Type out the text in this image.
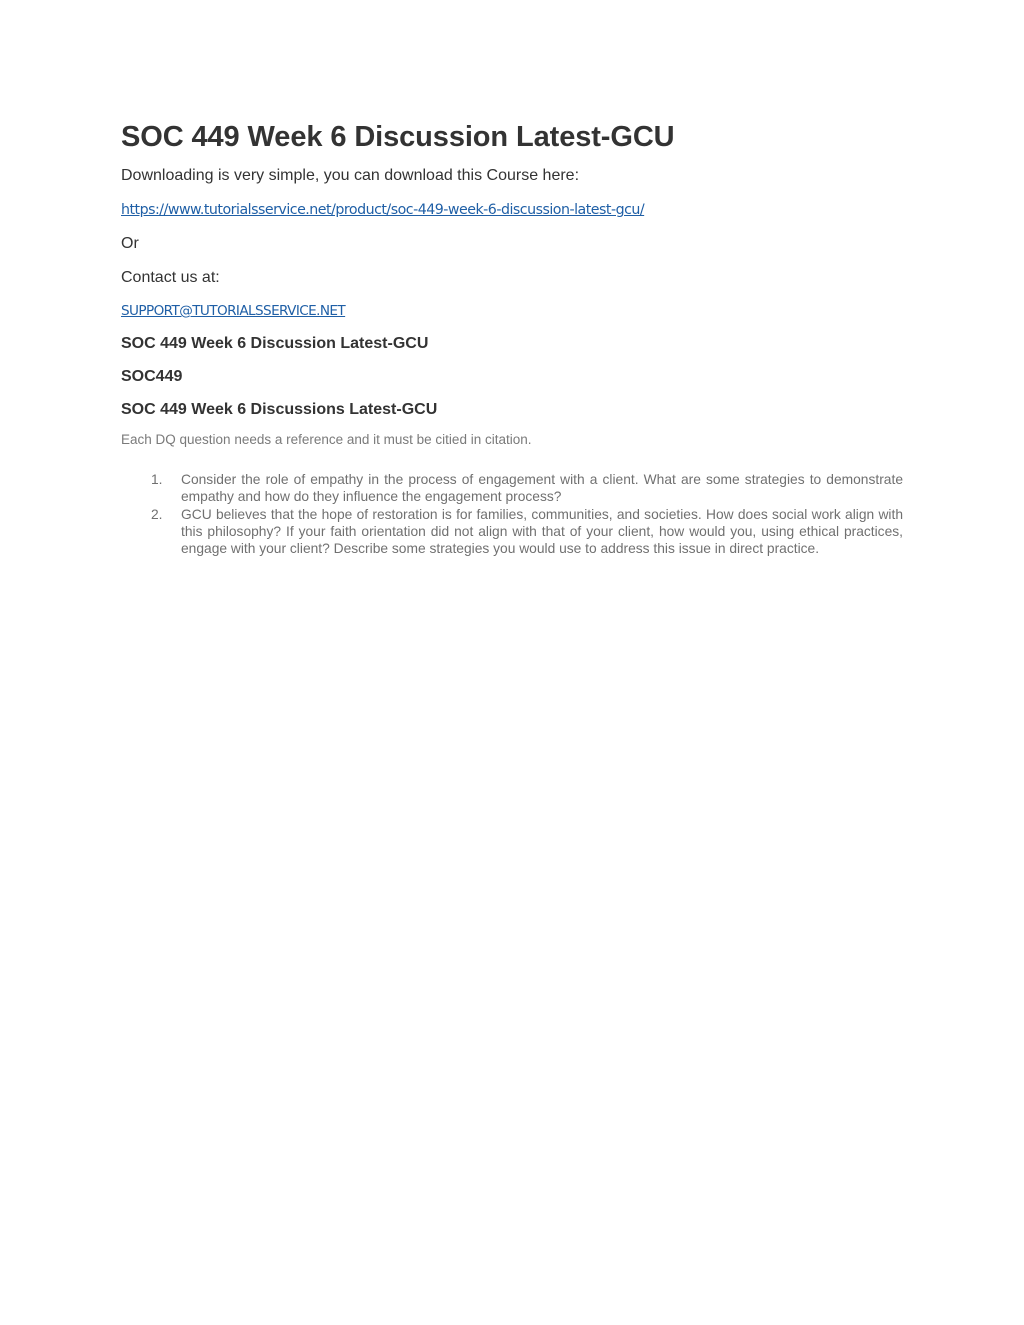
SOC 449 Week 6 Discussion Latest-GCU

Downloading is very simple, you can download this Course here:

https://www.tutorialsservice.net/product/soc-449-week-6-discussion-latest-gcu/

Or

Contact us at:

SUPPORT@TUTORIALSSERVICE.NET

SOC 449 Week 6 Discussion Latest-GCU

SOC449

SOC 449 Week 6 Discussions Latest-GCU

Each DQ question needs a reference and it must be citied in citation.

1. Consider the role of empathy in the process of engagement with a client. What are some strategies to demonstrate empathy and how do they influence the engagement process?
2. GCU believes that the hope of restoration is for families, communities, and societies. How does social work align with this philosophy? If your faith orientation did not align with that of your client, how would you, using ethical practices, engage with your client? Describe some strategies you would use to address this issue in direct practice.
